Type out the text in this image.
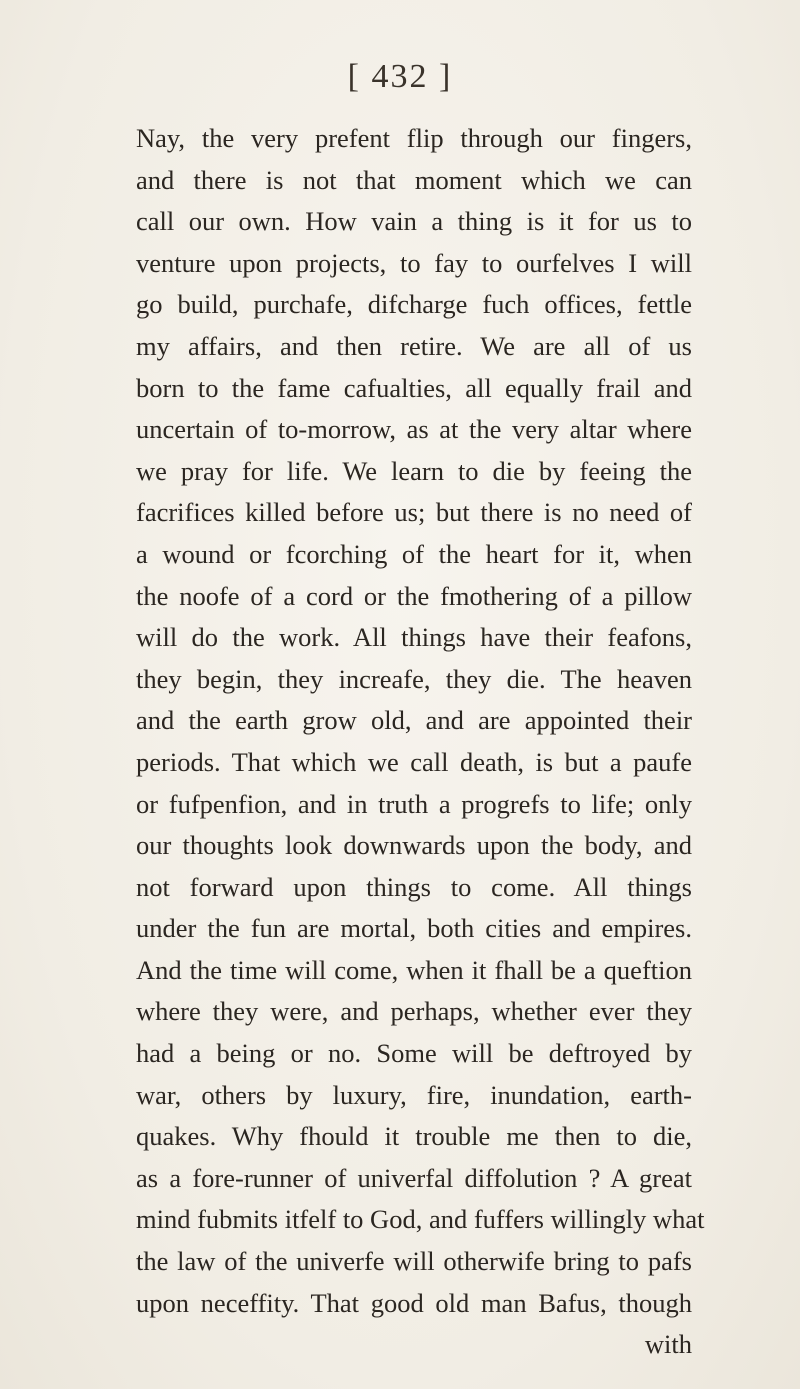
[ 432 ]
Nay, the very prefent flip through our fingers,
and there is not that moment which we can
call our own. How vain a thing is it for us to
venture upon projects, to fay to ourfelves I will
go build, purchafe, difcharge fuch offices, fettle
my affairs, and then retire. We are all of us
born to the fame cafualties, all equally frail and
uncertain of to-morrow, as at the very altar where
we pray for life. We learn to die by feeing the
facrifices killed before us; but there is no need of
a wound or fcorching of the heart for it, when
the noofe of a cord or the fmothering of a pillow
will do the work. All things have their feafons,
they begin, they increafe, they die. The heaven
and the earth grow old, and are appointed their
periods. That which we call death, is but a paufe
or fufpenfion, and in truth a progrefs to life; only
our thoughts look downwards upon the body, and
not forward upon things to come. All things
under the fun are mortal, both cities and empires.
And the time will come, when it fhall be a queftion
where they were, and perhaps, whether ever they
had a being or no. Some will be deftroyed by
war, others by luxury, fire, inundation, earth-
quakes. Why fhould it trouble me then to die,
as a fore-runner of univerfal diffolution ? A great
mind fubmits itfelf to God, and fuffers willingly what
the law of the univerfe will otherwife bring to pafs
upon neceffity. That good old man Bafus, though
with
